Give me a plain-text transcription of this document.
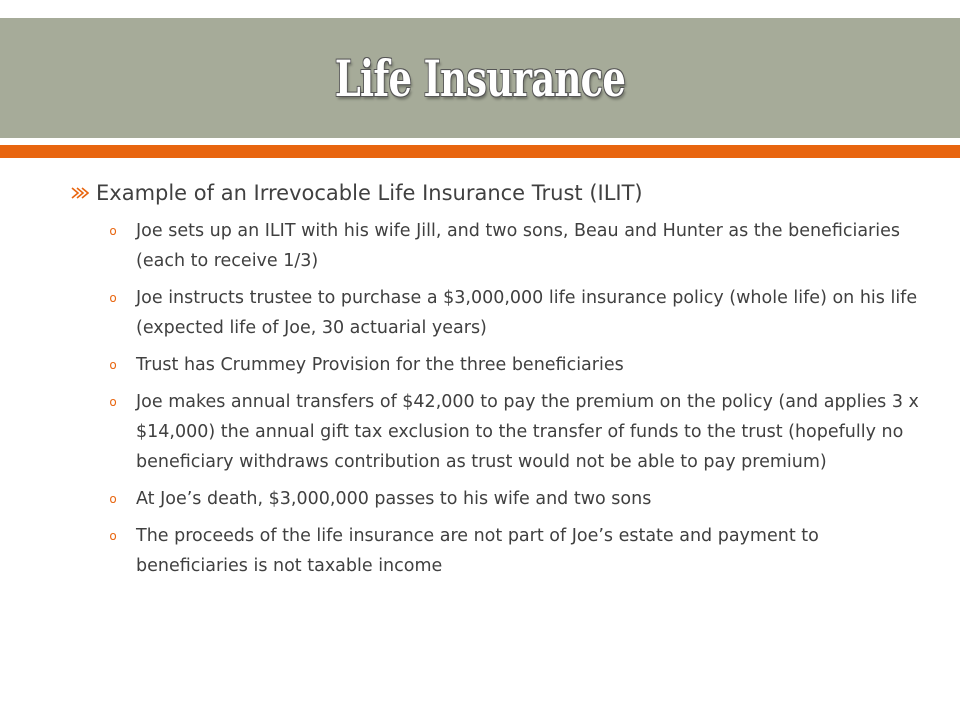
Life Insurance
Example of an Irrevocable Life Insurance Trust (ILIT)
o Joe sets up an ILIT with his wife Jill, and two sons, Beau and Hunter as the beneficiaries (each to receive 1/3)
o Joe instructs trustee to purchase a $3,000,000 life insurance policy (whole life) on his life (expected life of Joe, 30 actuarial years)
o Trust has Crummey Provision for the three beneficiaries
o Joe makes annual transfers of $42,000 to pay the premium on the policy (and applies 3 x $14,000) the annual gift tax exclusion to the transfer of funds to the trust (hopefully no beneficiary withdraws contribution as trust would not be able to pay premium)
o At Joe’s death, $3,000,000 passes to his wife and two sons
o The proceeds of the life insurance are not part of Joe’s estate and payment to beneficiaries is not taxable income
